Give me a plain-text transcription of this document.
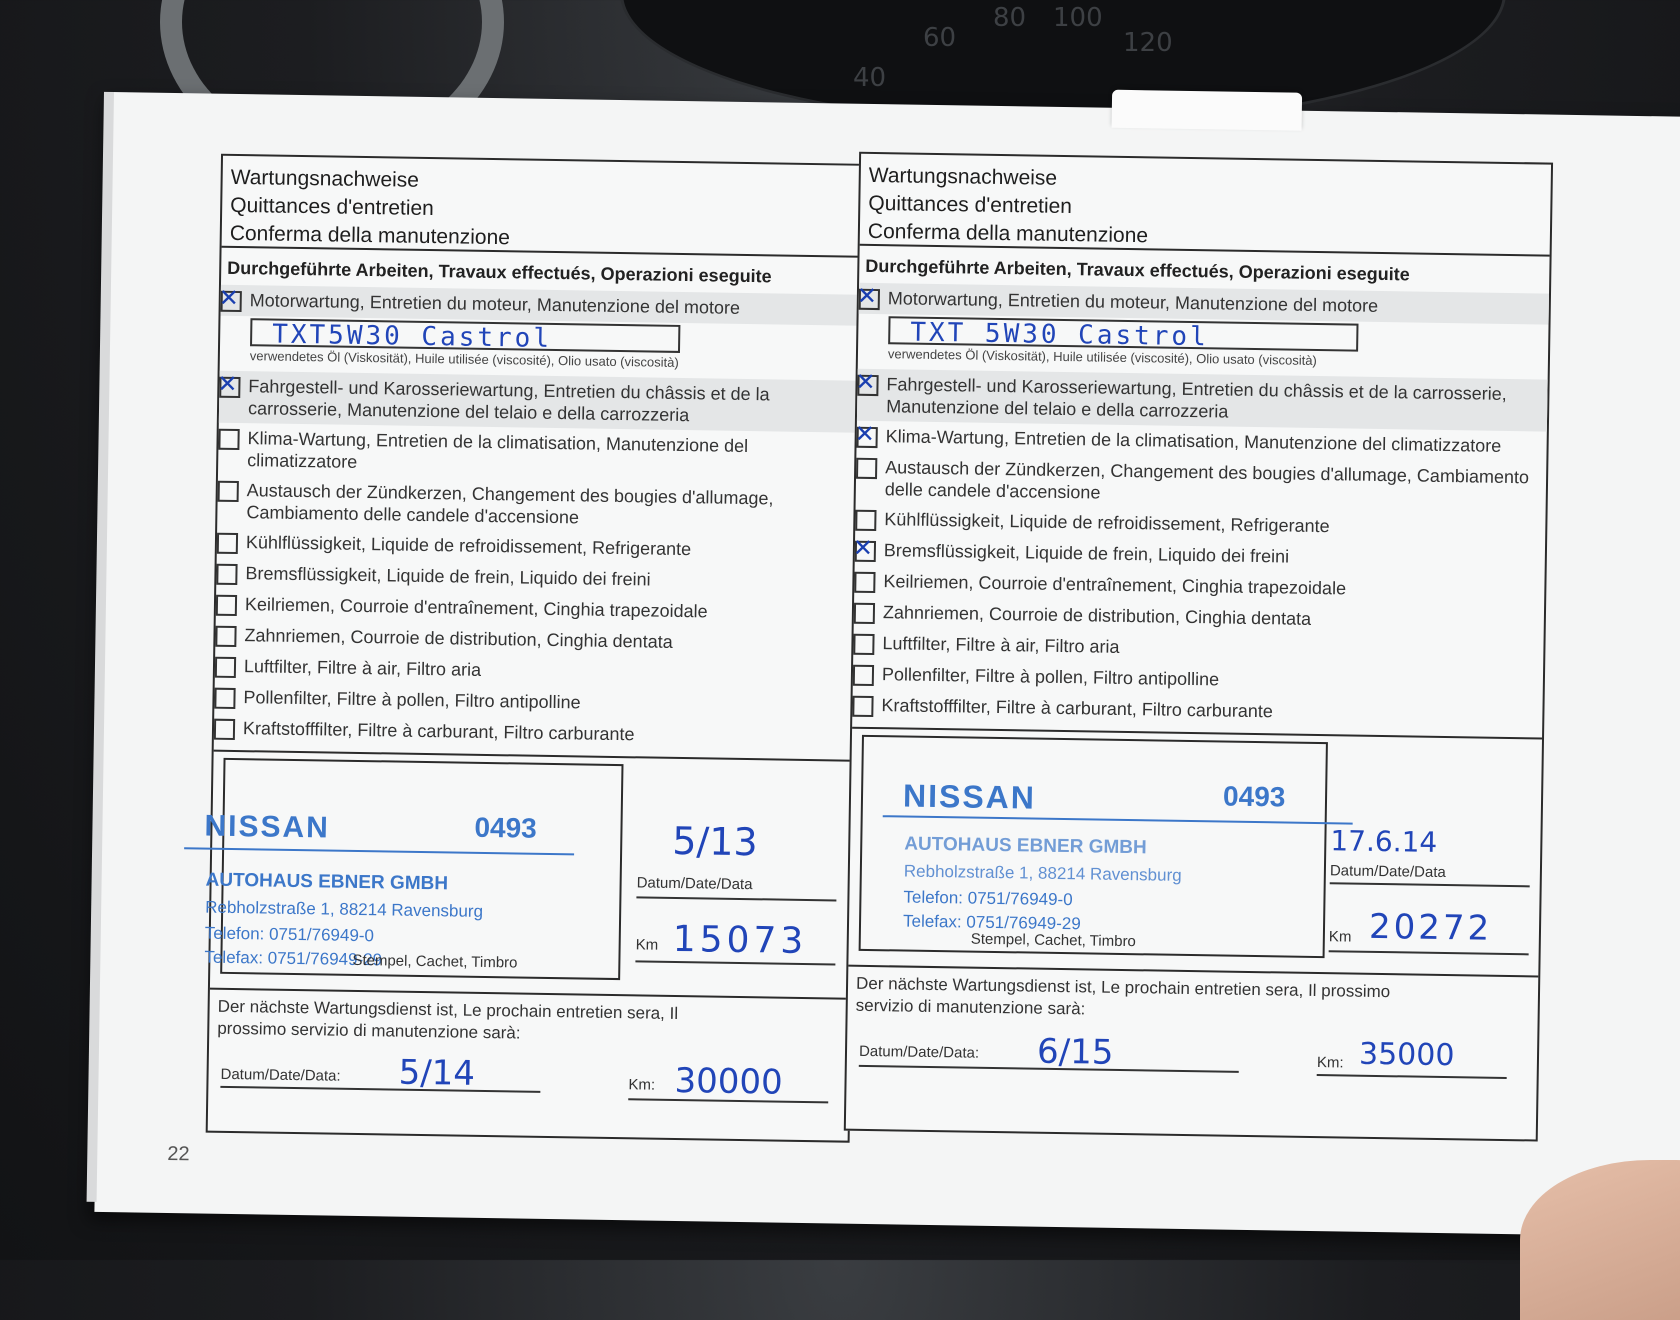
40
60
80 100
120
Wartungsnachweise
Quittances d'entretien
Conferma della manutenzione
Durchgeführte Arbeiten, Travaux effectués, Operazioni eseguite
✕ Motorwartung, Entretien du moteur, Manutenzione del motore
TXT5W30 Castrol
verwendetes Öl (Viskosität), Huile utilisée (viscosité), Olio usato (viscosità)
✕ Fahrgestell- und Karosseriewartung, Entretien du châssis et de la carrosserie, Manutenzione del telaio e della carrozzeria
Klima-Wartung, Entretien de la climatisation, Manutenzione del climatizzatore
Austausch der Zündkerzen, Changement des bougies d'allumage, Cambiamento delle candele d'accensione
Kühlflüssigkeit, Liquide de refroidissement, Refrigerante
Bremsflüssigkeit, Liquide de frein, Liquido dei freini
Keilriemen, Courroie d'entraînement, Cinghia trapezoidale
Zahnriemen, Courroie de distribution, Cinghia dentata
Luftfilter, Filtre à air, Filtro aria
Pollenfilter, Filtre à pollen, Filtro antipolline
Kraftstofffilter, Filtre à carburant, Filtro carburante
NISSAN	0493
AUTOHAUS EBNER GMBH
Rebholzstraße 1, 88214 Ravensburg
Telefon: 0751/76949-0
Telefax: 0751/76949-29
Stempel, Cachet, Timbro
5/13
Datum/Date/Data
Km 15073
Der nächste Wartungsdienst ist, Le prochain entretien sera, Il prossimo servizio di manutenzione sarà:
Datum/Date/Data: 5/14	Km: 30000
Wartungsnachweise
Quittances d'entretien
Conferma della manutenzione
Durchgeführte Arbeiten, Travaux effectués, Operazioni eseguite
✕ Motorwartung, Entretien du moteur, Manutenzione del motore
TXT 5W30 Castrol
verwendetes Öl (Viskosität), Huile utilisée (viscosité), Olio usato (viscosità)
✕ Fahrgestell- und Karosseriewartung, Entretien du châssis et de la carrosserie, Manutenzione del telaio e della carrozzeria
✕ Klima-Wartung, Entretien de la climatisation, Manutenzione del climatizzatore
Austausch der Zündkerzen, Changement des bougies d'allumage, Cambiamento delle candele d'accensione
Kühlflüssigkeit, Liquide de refroidissement, Refrigerante
✕ Bremsflüssigkeit, Liquide de frein, Liquido dei freini
Keilriemen, Courroie d'entraînement, Cinghia trapezoidale
Zahnriemen, Courroie de distribution, Cinghia dentata
Luftfilter, Filtre à air, Filtro aria
Pollenfilter, Filtre à pollen, Filtro antipolline
Kraftstofffilter, Filtre à carburant, Filtro carburante
NISSAN	0493
AUTOHAUS EBNER GMBH
Rebholzstraße 1, 88214 Ravensburg
Telefon: 0751/76949-0
Telefax: 0751/76949-29
Stempel, Cachet, Timbro
17.6.14
Datum/Date/Data
Km 20272
Der nächste Wartungsdienst ist, Le prochain entretien sera, Il prossimo servizio di manutenzione sarà:
Datum/Date/Data: 6/15	Km: 35000
22
